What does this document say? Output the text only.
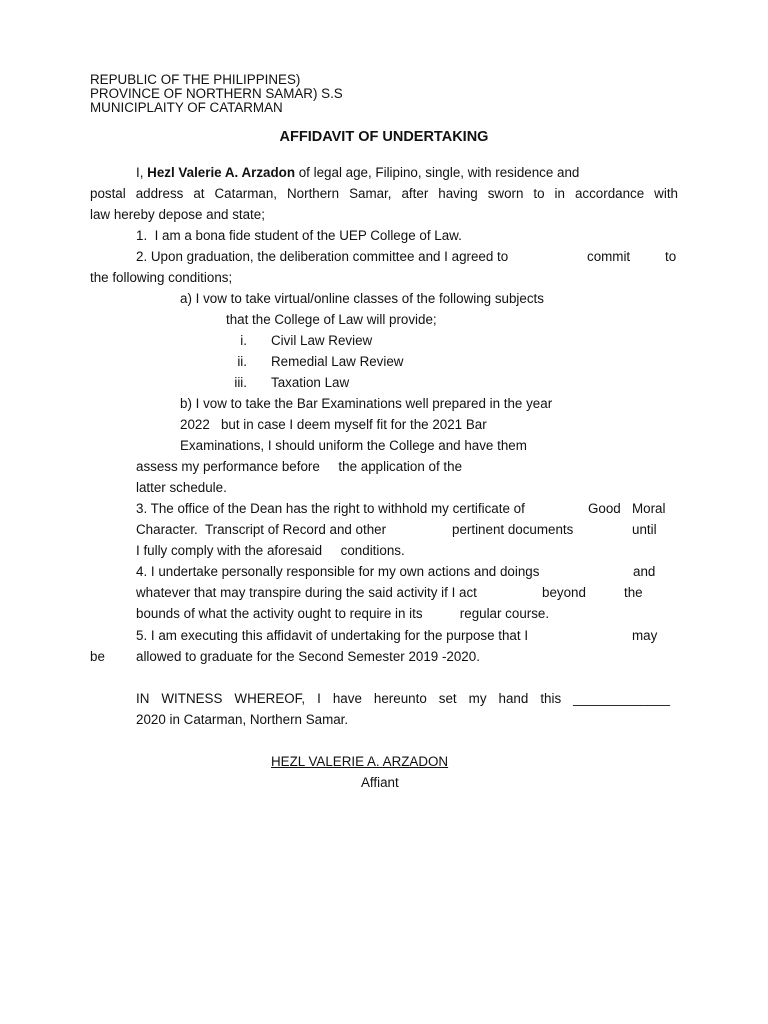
REPUBLIC OF THE PHILIPPINES)
PROVINCE OF NORTHERN SAMAR) S.S
MUNICIPLAITY OF CATARMAN
AFFIDAVIT OF UNDERTAKING
I, Hezl Valerie A. Arzadon of legal age, Filipino, single, with residence and
postal address at Catarman, Northern Samar, after having sworn to in accordance with
law hereby depose and state;
1.  I am a bona fide student of the UEP College of Law.
2. Upon graduation, the deliberation committee and I agreed to	commit	to
the following conditions;
a) I vow to take virtual/online classes of the following subjects
that the College of Law will provide;
i. Civil Law Review
ii. Remedial Law Review
iii. Taxation Law
b) I vow to take the Bar Examinations well prepared in the year
2022   but in case I deem myself fit for the 2021 Bar
Examinations, I should uniform the College and have them
assess my performance before     the application of the
latter schedule.
3. The office of the Dean has the right to withhold my certificate of	Good Moral
Character.  Transcript of Record and other	pertinent documents	until
I fully comply with the aforesaid     conditions.
4. I undertake personally responsible for my own actions and doings	and
whatever that may transpire during the said activity if I act	beyond	the
bounds of what the activity ought to require in its          regular course.
5. I am executing this affidavit of undertaking for the purpose that I	may
be allowed to graduate for the Second Semester 2019 -2020.
IN WITNESS WHEREOF, I have hereunto set my hand this _____________
2020 in Catarman, Northern Samar.
HEZL VALERIE A. ARZADON
Affiant
